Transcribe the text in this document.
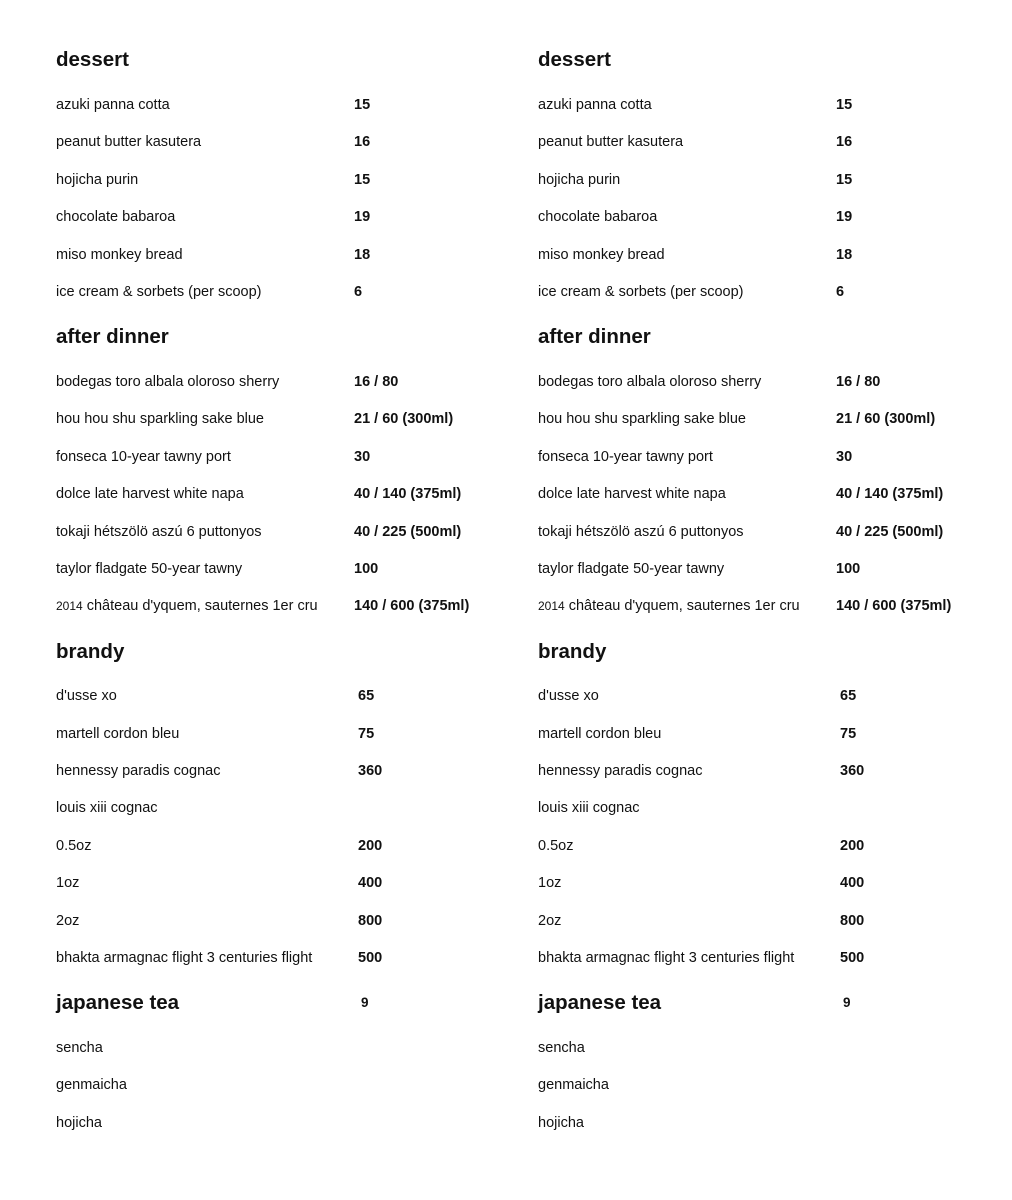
dessert
azuki panna cotta	15
peanut butter kasutera	16
hojicha purin	15
chocolate babaroa	19
miso monkey bread	18
ice cream & sorbets (per scoop)	6
after dinner
bodegas toro albala oloroso sherry	16 / 80
hou hou shu sparkling sake blue	21 / 60 (300ml)
fonseca 10-year tawny port	30
dolce late harvest white napa	40 / 140 (375ml)
tokaji hétszölö aszú 6 puttonyos	40 / 225 (500ml)
taylor fladgate 50-year tawny	100
2014 château d'yquem, sauternes 1er cru	140 / 600 (375ml)
brandy
d'usse xo	65
martell cordon bleu	75
hennessy paradis cognac	360
louis xiii cognac
0.5oz	200
1oz	400
2oz	800
bhakta armagnac flight 3 centuries flight	500
japanese tea	9
sencha
genmaicha
hojicha
dessert
azuki panna cotta	15
peanut butter kasutera	16
hojicha purin	15
chocolate babaroa	19
miso monkey bread	18
ice cream & sorbets (per scoop)	6
after dinner
bodegas toro albala oloroso sherry	16 / 80
hou hou shu sparkling sake blue	21 / 60 (300ml)
fonseca 10-year tawny port	30
dolce late harvest white napa	40 / 140 (375ml)
tokaji hétszölö aszú 6 puttonyos	40 / 225 (500ml)
taylor fladgate 50-year tawny	100
2014 château d'yquem, sauternes 1er cru	140 / 600 (375ml)
brandy
d'usse xo	65
martell cordon bleu	75
hennessy paradis cognac	360
louis xiii cognac
0.5oz	200
1oz	400
2oz	800
bhakta armagnac flight 3 centuries flight	500
japanese tea	9
sencha
genmaicha
hojicha
